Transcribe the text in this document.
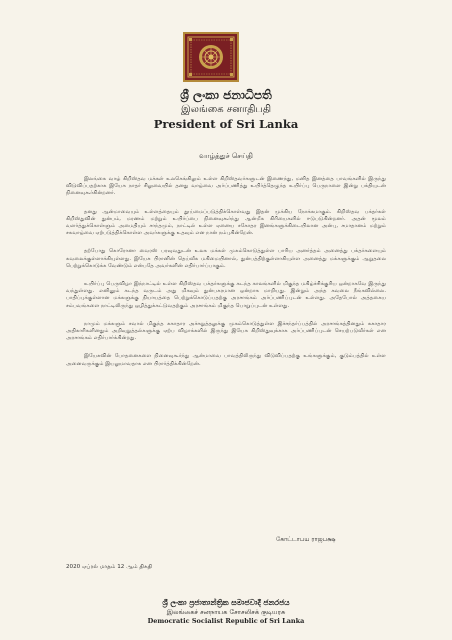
ශ්‍රී ලංකා ජනාධිපති
இலங்கை சனாதிபதி
President of Sri Lanka
வாழ்த்துச் செய்தி

இலங்கை வாழ் கிறிஸ்தவ மக்கள் உலகெங்கிலும் உள்ள கிறிஸ்தவர்களுடன் இணைந்து, மனித இனத்தை பாவங்களில் இருந்து விடுவிப்பதற்காக இயேசு நாதர் சிலுவையில் தனது வாழ்வை அர்ப்பணித்து உயிர்த்தெழுந்த உயிர்ப்பு பெருநாளை இன்று பக்தியுடன் நினைவுகூர்கின்றனர்.

தனது ஆன்மாவையும் உள்ளத்தையும் தூய்மைப்படுத்திக்கொள்வது இதன் முக்கிய நோக்கமாகும். கிறிஸ்தவ பக்தர்கள் கிறிஸ்துவின் துன்பம், மரணம் மற்றும் உயிர்ப்பை நினைவுகூர்ந்து ஆன்மீக கிரியைகளில் ஈடுபடுகின்றனர். அதன் மூலம் வளர்த்துக்கொள்ளும் அமைதியும் சாந்தமும், நாட்டில் உள்ள ஏனைய சகோதர இனங்களுக்கிடையிலான அன்பு, சமாதானம் மற்றும் சகவாழ்வை ஏற்படுத்திக்கொள்ள அவர்களுக்கு உதவும் என நான் நம்புகின்றேன்.

தற்போது கொரோனா வைரஸ் பரவுவதுடன் உலக மக்கள் முகம்கொடுத்துள்ள பாரிய அனர்த்தம் அனைத்து பக்தர்களையும் கவலைக்குள்ளாக்கியுள்ளது. இயேசு பிரானின் தெய்வீக மகிமையினால், துன்பத்திற்குள்ளாகியுள்ள அனைத்து மக்களுக்கும் ஆறுதலை பெற்றுக்கொடுக்க வேண்டும் என்பதே அவர்களின் எதிர்பார்ப்பாகும்.

உயிர்ப்பு பெருவிழா இந்நாட்டில் உள்ள கிறிஸ்தவ பக்தர்களுக்கு கடந்த காலங்களில் மிகுந்த மகிழ்ச்சிக்குரிய ஒன்றாகவே இருந்து வந்துள்ளது. எனினும் கடந்த வருடம் அது மிகவும் துன்பகரமான ஒன்றாக மாறியது. இன்றும் அந்த கவலை நீங்கவில்லை. பாதிப்புக்குள்ளான மக்களுக்கு நியாயத்தை பெற்றுக்கொடுப்பதற்கு அரசாங்கம் அர்ப்பணிப்புடன் உள்ளது. அதேபோல் அத்தகைய சம்பவங்களை நாட்டிலிருந்து ஒழித்துக்கட்டுவதற்கும் அரசாங்கம் மிகுந்த பொறுப்புடன் உள்ளது.

நாமும் மக்களும் சவால் மிகுந்த சுகாதார அச்சுறுத்தலுக்கு முகம்கொடுத்துள்ள இச்சந்தர்ப்பத்தில் அரசாங்கத்தினதும் சுகாதார அதிகாரிகளினதும் அறிவுறுத்தல்களுக்கு ஏற்ப விழாக்களில் இருந்து இயேசு கிறிஸ்துவுக்காக அர்ப்பணிப்புடன் செயற்படுவீர்கள் என அரசாங்கம் எதிர்பார்க்கின்றது.

இயேசுவின் போதனைகளை நினைவுகூர்ந்து ஆன்மாவை பாவத்திலிருந்து விடுவிப்பதற்கு உங்களுக்கும், குடும்பத்தில் உள்ள அனைவருக்கும் இயலுமாவதாக என பிரார்த்திக்கின்றேன்.

கோட்டாபய ராஜபக்ஷ
2020 ஏப்ரல் மாதம் 12 ஆம் திகதி
ශ්‍රී ලංකා ප්‍රජාතාන්ත්‍රික සමාජවාදී ජනරජය
இலங்கைச் சனநாயக சோசலிசக் குடியரசு
Democratic Socialist Republic of Sri Lanka
